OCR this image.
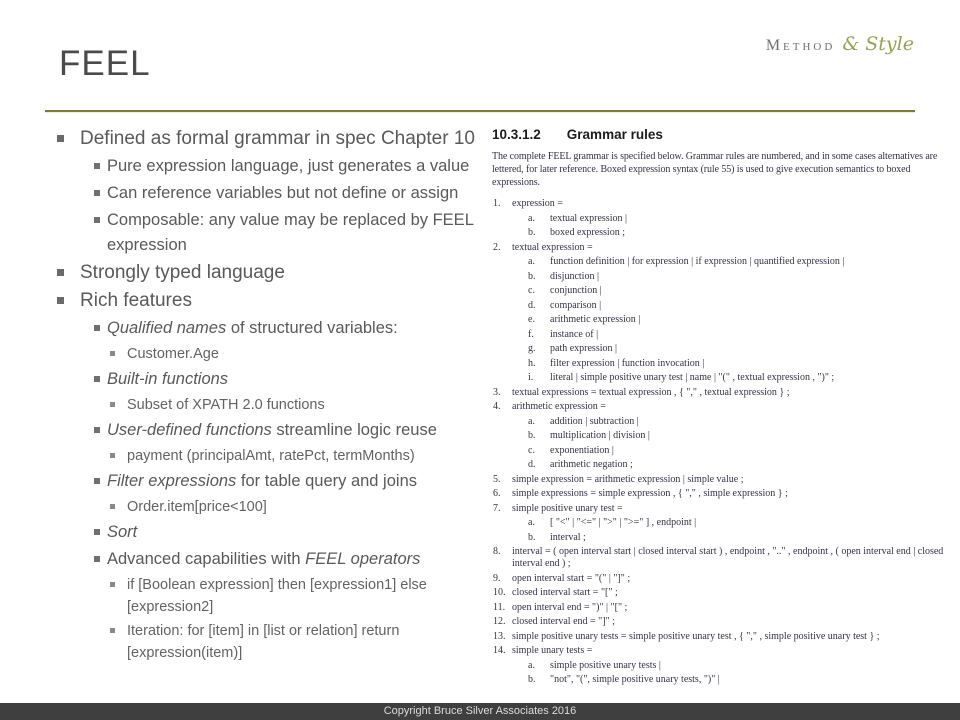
FEEL	Method & Style
Defined as formal grammar in spec Chapter 10
Pure expression language, just generates a value
Can reference variables but not define or assign
Composable: any value may be replaced by FEEL expression
Strongly typed language
Rich features
Qualified names of structured variables:
Customer.Age
Built-in functions
Subset of XPATH 2.0 functions
User-defined functions streamline logic reuse
payment (principalAmt, ratePct, termMonths)
Filter expressions for table query and joins
Order.item[price<100]
Sort
Advanced capabilities with FEEL operators
if [Boolean expression] then [expression1] else [expression2]
Iteration: for [item] in [list or relation] return [expression(item)]
10.3.1.2 Grammar rules
The complete FEEL grammar is specified below. Grammar rules are numbered, and in some cases alternatives are lettered, for later reference. Boxed expression syntax (rule 55) is used to give execution semantics to boxed expressions.
1. expression =
a. textual expression |
b. boxed expression ;
2. textual expression =
a. function definition | for expression | if expression | quantified expression |
b. disjunction |
c. conjunction |
d. comparison |
e. arithmetic expression |
f. instance of |
g. path expression |
h. filter expression | function invocation |
i. literal | simple positive unary test | name | "(" , textual expression , ")" ;
3. textual expressions = textual expression , { "," , textual expression } ;
4. arithmetic expression =
a. addition | subtraction |
b. multiplication | division |
c. exponentiation |
d. arithmetic negation ;
5. simple expression = arithmetic expression | simple value ;
6. simple expressions = simple expression , { "," , simple expression } ;
7. simple positive unary test =
a. [ "<" | "<=" | ">" | ">=" ] , endpoint |
b. interval ;
8. interval = ( open interval start | closed interval start ) , endpoint , ".." , endpoint , ( open interval end | closed interval end ) ;
9. open interval start = "(" | "]" ;
10. closed interval start = "[" ;
11. open interval end = ")" | "[" ;
12. closed interval end = "]" ;
13. simple positive unary tests = simple positive unary test , { "," , simple positive unary test } ;
14. simple unary tests =
a. simple positive unary tests |
b. "not", "(", simple positive unary tests, ")" |
Copyright Bruce Silver Associates 2016
